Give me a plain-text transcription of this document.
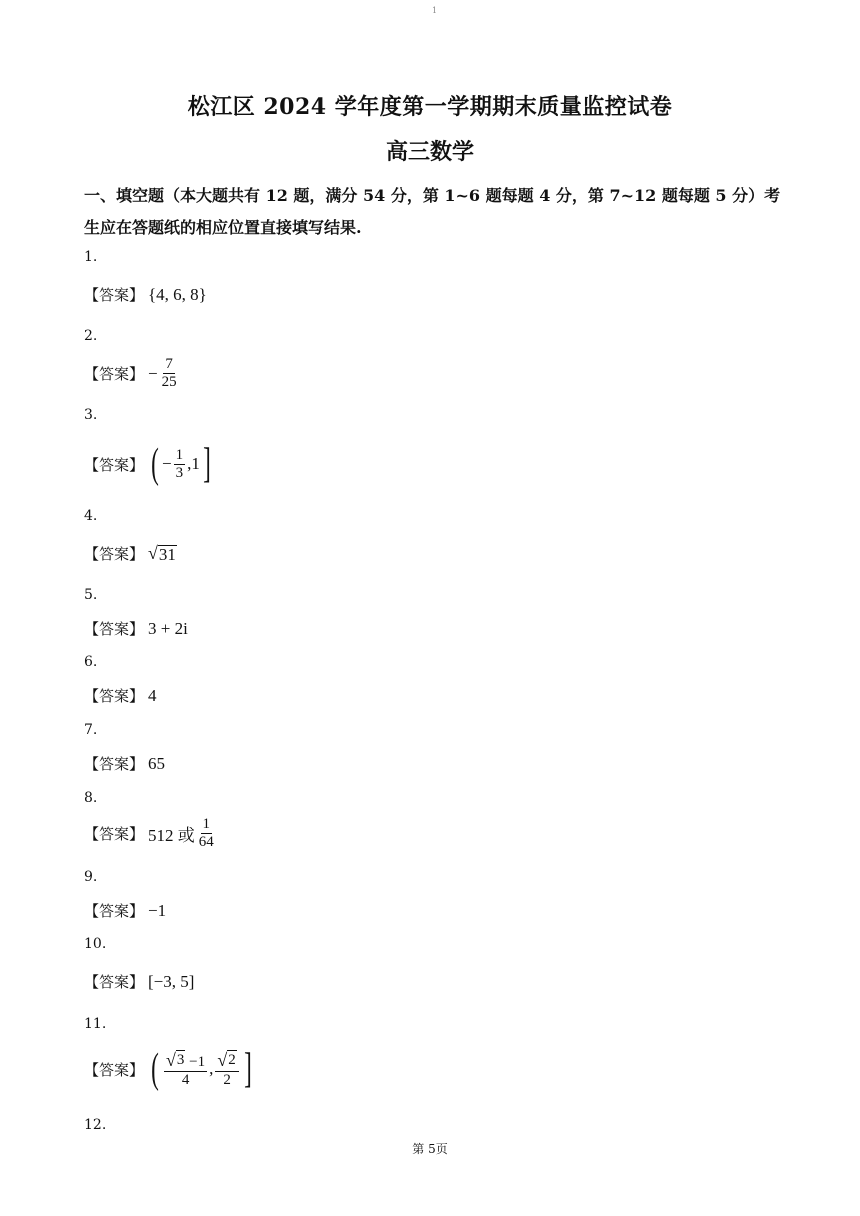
1
松江区 2024 学年度第一学期期末质量监控试卷
高三数学
一、填空题（本大题共有 12 题，满分 54 分，第 1~6 题每题 4 分，第 7~12 题每题 5 分）考生应在答题纸的相应位置直接填写结果.
1.
【答案】 {4, 6, 8}
2.
【答案】 − $\frac{7}{25}$
3.
【答案】 ( − $\frac{1}{3} ,1$ ]
4.
【答案】 √ 31
5.
【答案】 3 + 2i
6.
【答案】 4
7.
【答案】 65
8.
【答案】 512 或 $\frac{1}{64}$
9.
【答案】 −1
10.
【答案】 [−3, 5]
11.
【答案】 ( $\frac{√ 3 -1}{4}$ , $\frac{√ 2}{2}$ ]
12.
第 5页
